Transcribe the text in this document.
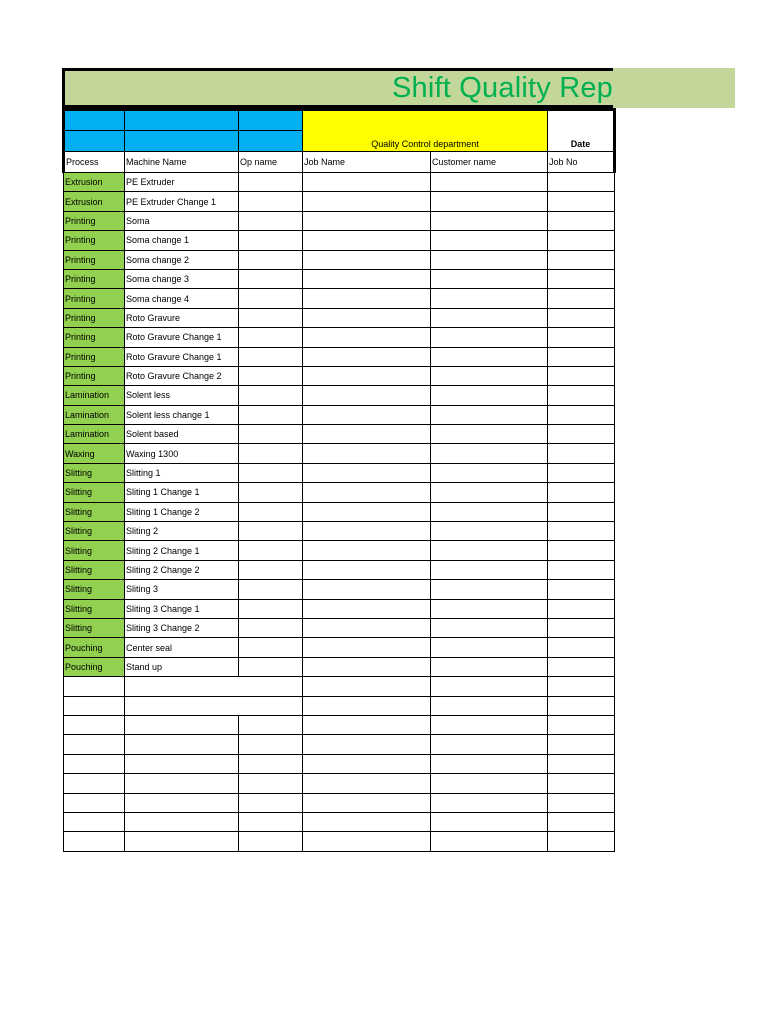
Shift Quality Rep
			Quality Control department		Date

Process	Machine Name	Op name	Job Name	Customer name	Job No
Extrusion	PE Extruder				
Extrusion	PE Extruder Change 1				
Printing	Soma				
Printing	Soma change 1				
Printing	Soma change 2				
Printing	Soma change 3				
Printing	Soma change 4				
Printing	Roto Gravure				
Printing	Roto Gravure Change 1				
Printing	Roto Gravure Change 1				
Printing	Roto Gravure Change 2				
Lamination	Solent less				
Lamination	Solent less change 1				
Lamination	Solent based				
Waxing	Waxing 1300				
Slitting	Slitting 1				
Slitting	Sliting 1 Change 1				
Slitting	Sliting 1 Change 2				
Slitting	Sliting 2				
Slitting	Sliting 2 Change 1				
Slitting	Sliting 2 Change 2				
Slitting	Sliting 3				
Slitting	Sliting 3 Change 1				
Slitting	Sliting 3 Change 2				
Pouching	Center seal				
Pouching	Stand up				
